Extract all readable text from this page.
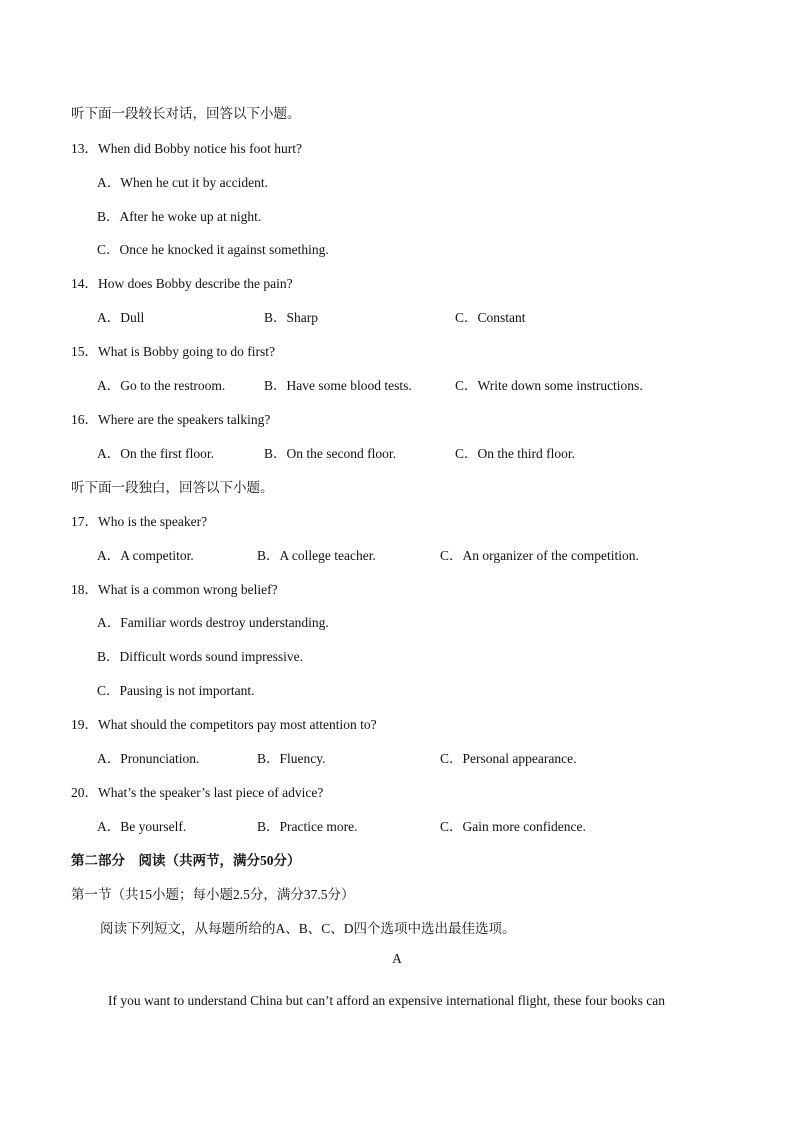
听下面一段较长对话，回答以下小题。
13．When did Bobby notice his foot hurt?
A．When he cut it by accident.
B．After he woke up at night.
C．Once he knocked it against something.
14．How does Bobby describe the pain?
A．Dull	B．Sharp	C．Constant
15．What is Bobby going to do first?
A．Go to the restroom.	B．Have some blood tests.	C．Write down some instructions.
16．Where are the speakers talking?
A．On the first floor.	B．On the second floor.	C．On the third floor.
听下面一段独白，回答以下小题。
17．Who is the speaker?
A．A competitor.	B．A college teacher.	C．An organizer of the competition.
18．What is a common wrong belief?
A．Familiar words destroy understanding.
B．Difficult words sound impressive.
C．Pausing is not important.
19．What should the competitors pay most attention to?
A．Pronunciation.	B．Fluency.	C．Personal appearance.
20．What’s the speaker’s last piece of advice?
A．Be yourself.	B．Practice more.	C．Gain more confidence.
第二部分　阅读（共两节，满分50分）
第一节（共15小题；每小题2.5分，满分37.5分）
阅读下列短文，从每题所给的A、B、C、D四个选项中选出最佳选项。
A
If you want to understand China but can’t afford an expensive international flight, these four books can
